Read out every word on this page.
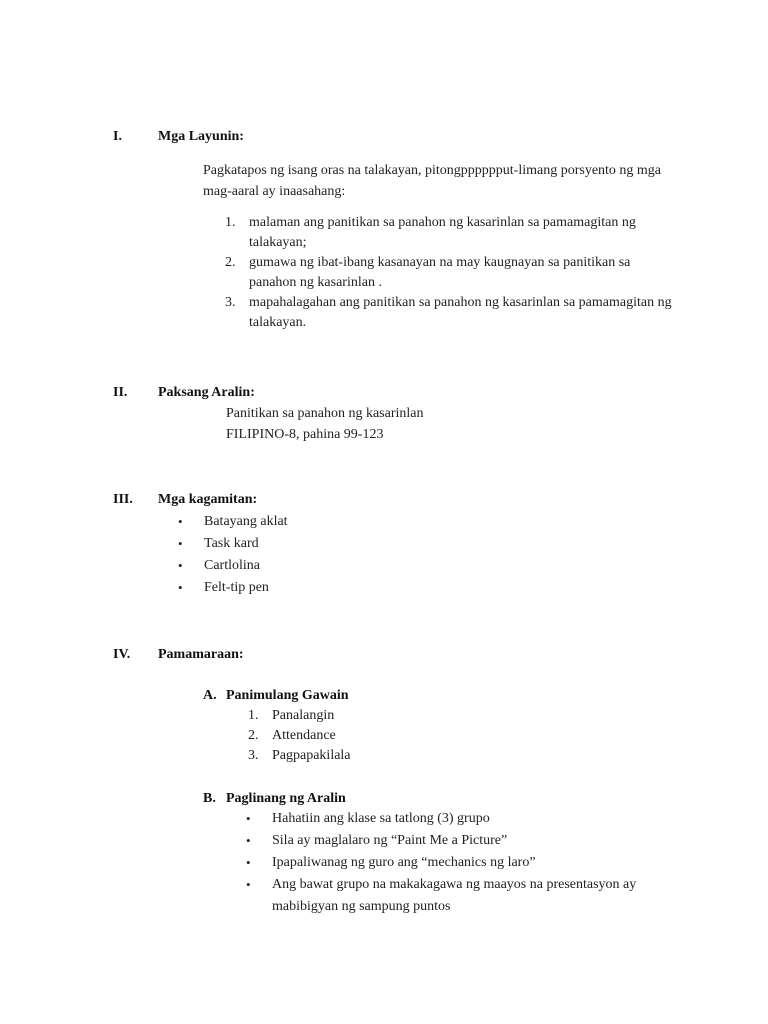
I.	Mga Layunin:
Pagkatapos ng isang oras na talakayan, pitongpppppput-limang porsyento ng mga mag-aaral ay inaasahang:
1. malaman ang panitikan sa panahon ng kasarinlan sa pamamagitan ng talakayan;
2. gumawa ng ibat-ibang kasanayan na may kaugnayan sa panitikan sa panahon ng kasarinlan .
3. mapahalagahan ang panitikan sa panahon ng kasarinlan sa pamamagitan ng talakayan.
II. Paksang Aralin:
Panitikan sa panahon ng kasarinlan
FILIPINO-8, pahina 99-123
III. Mga kagamitan:
• Batayang aklat
• Task kard
• Cartlolina
• Felt-tip pen
IV. Pamamaraan:
A. Panimulang Gawain
1. Panalangin
2. Attendance
3. Pagpapakilala
B. Paglinang ng Aralin
• Hahatiin ang klase sa tatlong (3) grupo
• Sila ay maglalaro ng “Paint Me a Picture”
• Ipapaliwanag ng guro ang “mechanics ng laro”
• Ang bawat grupo na makakagawa ng maayos na presentasyon ay mabibigyan ng sampung puntos
